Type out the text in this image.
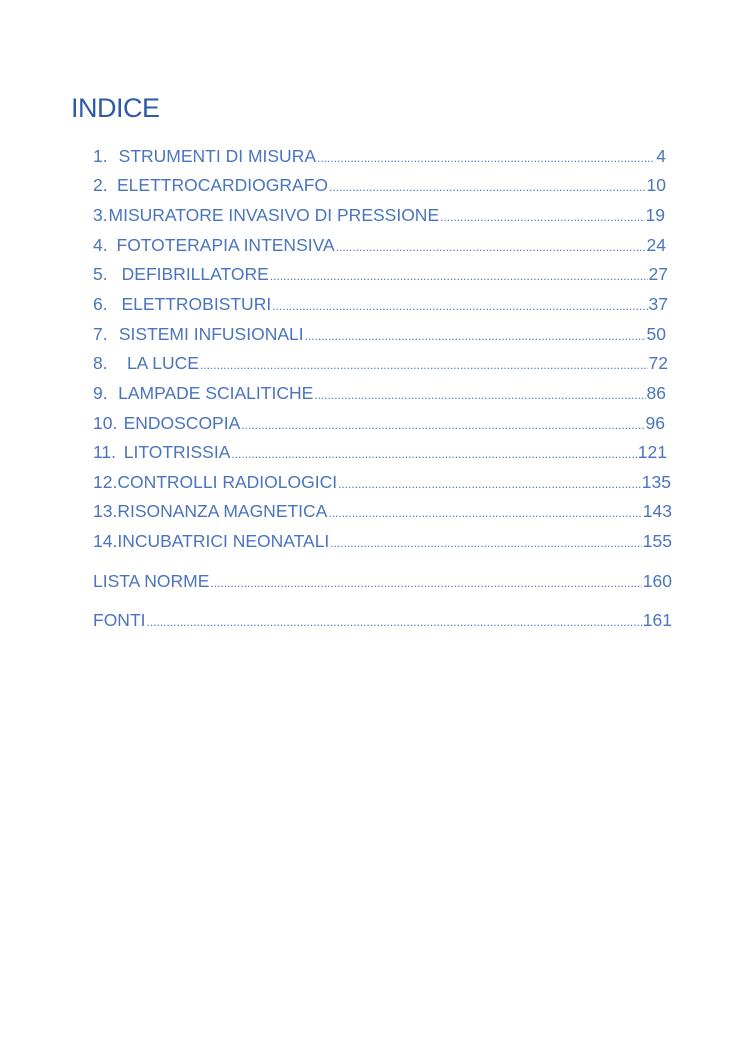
INDICE
1. STRUMENTI DI MISURA .....	4
2. ELETTROCARDIOGRAFO .....	10
3. MISURATORE INVASIVO DI PRESSIONE .....	19
4. FOTOTERAPIA INTENSIVA .....	24
5. DEFIBRILLATORE .....	27
6. ELETTROBISTURI .....	37
7. SISTEMI INFUSIONALI .....	50
8.	LA LUCE .....	72
9. LAMPADE SCIALITICHE .....	86
10. ENDOSCOPIA .....	96
11. LITOTRISSIA .....	121
12. CONTROLLI RADIOLOGICI .....	135
13. RISONANZA MAGNETICA .....	143
14. INCUBATRICI NEONATALI .....	155
LISTA NORME .....	160
FONTI .....	161
